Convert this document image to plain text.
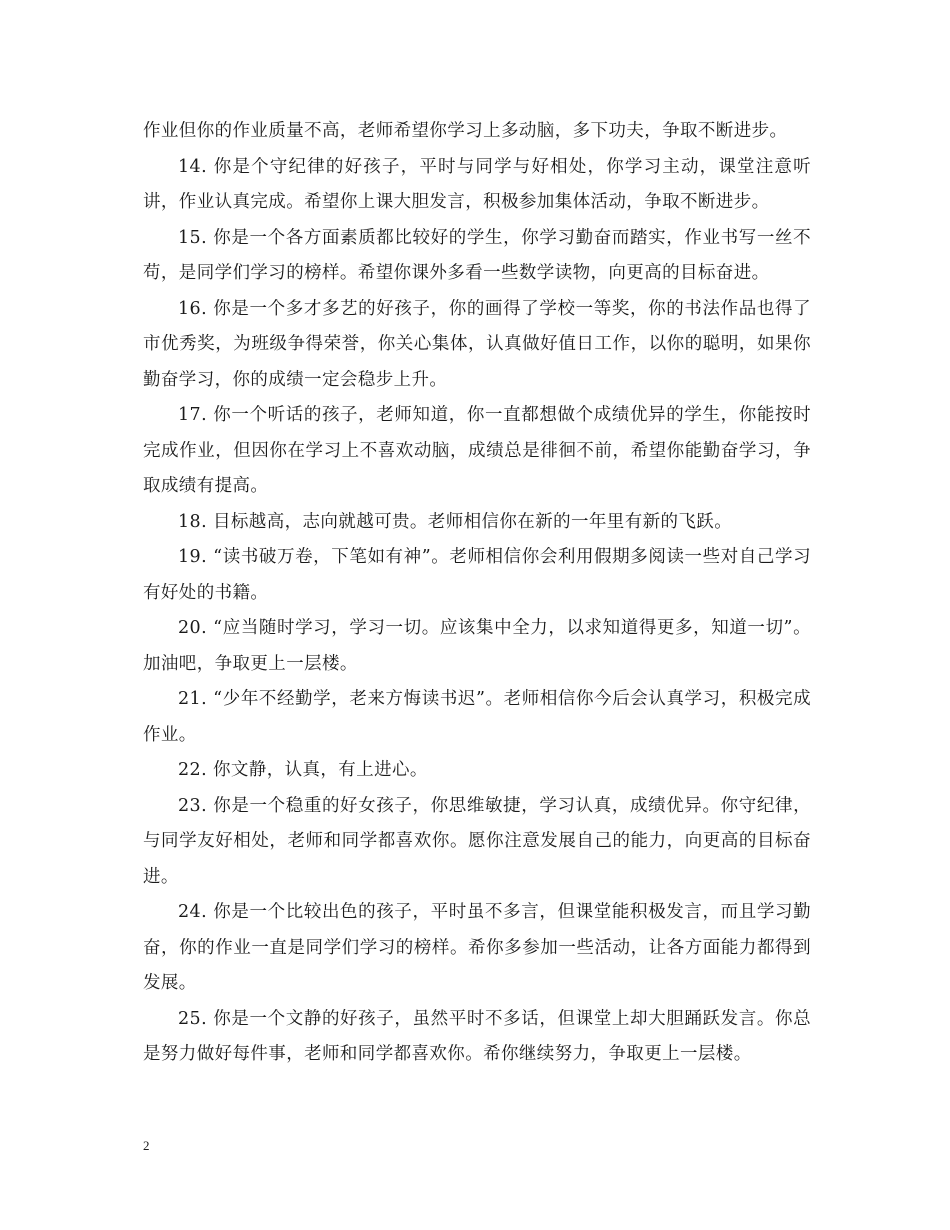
作业但你的作业质量不高，老师希望你学习上多动脑，多下功夫，争取不断进步。

14. 你是个守纪律的好孩子，平时与同学与好相处，你学习主动，课堂注意听讲，作业认真完成。希望你上课大胆发言，积极参加集体活动，争取不断进步。

15. 你是一个各方面素质都比较好的学生，你学习勤奋而踏实，作业书写一丝不苟，是同学们学习的榜样。希望你课外多看一些数学读物，向更高的目标奋进。

16. 你是一个多才多艺的好孩子，你的画得了学校一等奖，你的书法作品也得了市优秀奖，为班级争得荣誉，你关心集体，认真做好值日工作，以你的聪明，如果你勤奋学习，你的成绩一定会稳步上升。

17. 你一个听话的孩子，老师知道，你一直都想做个成绩优异的学生，你能按时完成作业，但因你在学习上不喜欢动脑，成绩总是徘徊不前，希望你能勤奋学习，争取成绩有提高。

18. 目标越高，志向就越可贵。老师相信你在新的一年里有新的飞跃。

19. “读书破万卷，下笔如有神”。老师相信你会利用假期多阅读一些对自己学习有好处的书籍。

20. “应当随时学习，学习一切。应该集中全力，以求知道得更多，知道一切”。加油吧，争取更上一层楼。

21. “少年不经勤学，老来方悔读书迟”。老师相信你今后会认真学习，积极完成作业。

22. 你文静，认真，有上进心。

23. 你是一个稳重的好女孩子，你思维敏捷，学习认真，成绩优异。你守纪律，与同学友好相处，老师和同学都喜欢你。愿你注意发展自己的能力，向更高的目标奋进。

24. 你是一个比较出色的孩子，平时虽不多言，但课堂能积极发言，而且学习勤奋，你的作业一直是同学们学习的榜样。希你多参加一些活动，让各方面能力都得到发展。

25. 你是一个文静的好孩子，虽然平时不多话，但课堂上却大胆踊跃发言。你总是努力做好每件事，老师和同学都喜欢你。希你继续努力，争取更上一层楼。

2
